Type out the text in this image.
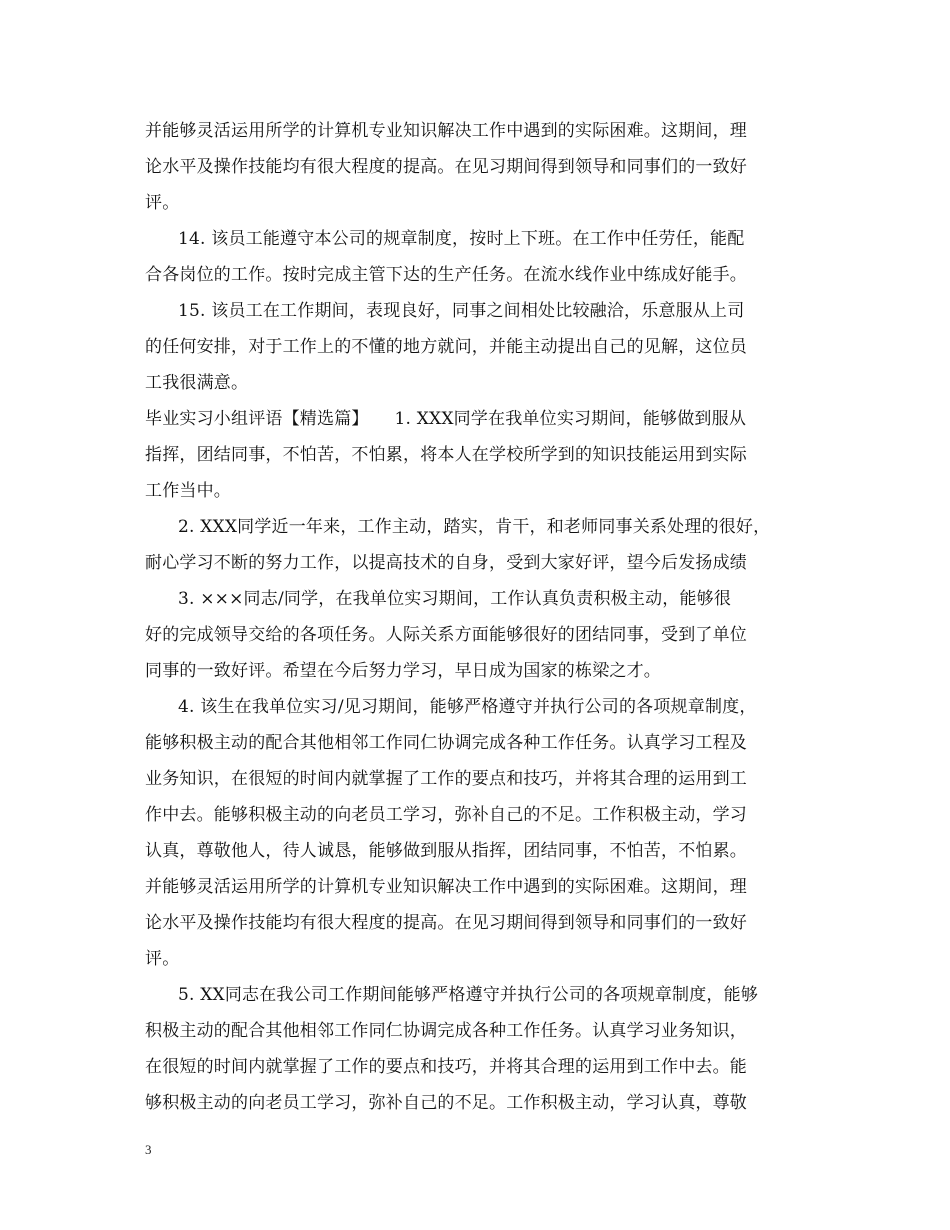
并能够灵活运用所学的计算机专业知识解决工作中遇到的实际困难。这期间，理
论水平及操作技能均有很大程度的提高。在见习期间得到领导和同事们的一致好
评。
14. 该员工能遵守本公司的规章制度，按时上下班。在工作中任劳任，能配
合各岗位的工作。按时完成主管下达的生产任务。在流水线作业中练成好能手。
15. 该员工在工作期间，表现良好，同事之间相处比较融洽，乐意服从上司
的任何安排，对于工作上的不懂的地方就问，并能主动提出自己的见解，这位员
工我很满意。
毕业实习小组评语【精选篇】　　1. XXX同学在我单位实习期间，能够做到服从
指挥，团结同事，不怕苦，不怕累，将本人在学校所学到的知识技能运用到实际
工作当中。
2. XXX同学近一年来，工作主动，踏实，肯干，和老师同事关系处理的很好，
耐心学习不断的努力工作，以提高技术的自身，受到大家好评，望今后发扬成绩
3. ×××同志/同学，在我单位实习期间，工作认真负责积极主动，能够很
好的完成领导交给的各项任务。人际关系方面能够很好的团结同事，受到了单位
同事的一致好评。希望在今后努力学习，早日成为国家的栋梁之才。
4. 该生在我单位实习/见习期间，能够严格遵守并执行公司的各项规章制度，
能够积极主动的配合其他相邻工作同仁协调完成各种工作任务。认真学习工程及
业务知识，在很短的时间内就掌握了工作的要点和技巧，并将其合理的运用到工
作中去。能够积极主动的向老员工学习，弥补自己的不足。工作积极主动，学习
认真，尊敬他人，待人诚恳，能够做到服从指挥，团结同事，不怕苦，不怕累。
并能够灵活运用所学的计算机专业知识解决工作中遇到的实际困难。这期间，理
论水平及操作技能均有很大程度的提高。在见习期间得到领导和同事们的一致好
评。
5. XX同志在我公司工作期间能够严格遵守并执行公司的各项规章制度，能够
积极主动的配合其他相邻工作同仁协调完成各种工作任务。认真学习业务知识，
在很短的时间内就掌握了工作的要点和技巧，并将其合理的运用到工作中去。能
够积极主动的向老员工学习，弥补自己的不足。工作积极主动，学习认真，尊敬
3
